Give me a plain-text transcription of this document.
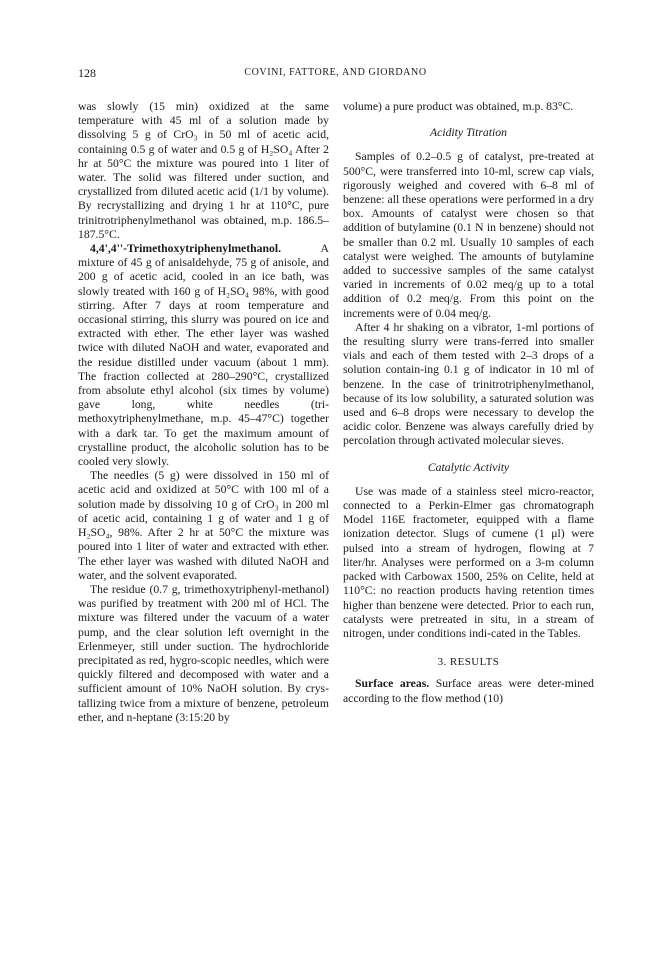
128	COVINI, FATTORE, AND GIORDANO

was slowly (15 min) oxidized at the same temperature with 45 ml of a solution made by dissolving 5 g of CrO₃ in 50 ml of acetic acid, containing 0.5 g of water and 0.5 g of H₂SO₄ After 2 hr at 50°C the mixture was poured into 1 liter of water. The solid was filtered under suction, and crystallized from diluted acetic acid (1/1 by volume). By recrystallizing and drying 1 hr at 110°C, pure trinitrotriphenylmethanol was obtained, m.p. 186.5–187.5°C.

4,4',4''-Trimethoxytriphenylmethanol. A mixture of 45 g of anisaldehyde, 75 g of anisole, and 200 g of acetic acid, cooled in an ice bath, was slowly treated with 160 g of H₂SO₄ 98%, with good stirring. After 7 days at room temperature and occasional stirring, this slurry was poured on ice and extracted with ether. The ether layer was washed twice with diluted NaOH and water, evaporated and the residue distilled under vacuum (about 1 mm). The fraction collected at 280–290°C, crystallized from absolute ethyl alcohol (six times by volume) gave long, white needles (tri-methoxytriphenylmethane, m.p. 45–47°C) together with a dark tar. To get the maximum amount of crystalline product, the alcoholic solution has to be cooled very slowly.

The needles (5 g) were dissolved in 150 ml of acetic acid and oxidized at 50°C with 100 ml of a solution made by dissolving 10 g of CrO₃ in 200 ml of acetic acid, containing 1 g of water and 1 g of H₂SO₄, 98%. After 2 hr at 50°C the mixture was poured into 1 liter of water and extracted with ether. The ether layer was washed with diluted NaOH and water, and the solvent evaporated.

The residue (0.7 g, trimethoxytriphenyl-methanol) was purified by treatment with 200 ml of HCl. The mixture was filtered under the vacuum of a water pump, and the clear solution left overnight in the Erlenmeyer, still under suction. The hydrochloride precipitated as red, hygro-scopic needles, which were quickly filtered and decomposed with water and a sufficient amount of 10% NaOH solution. By crys-tallizing twice from a mixture of benzene, petroleum ether, and n-heptane (3:15:20 by

volume) a pure product was obtained, m.p. 83°C.

Acidity Titration

Samples of 0.2–0.5 g of catalyst, pre-treated at 500°C, were transferred into 10-ml, screw cap vials, rigorously weighed and covered with 6–8 ml of benzene: all these operations were performed in a dry box. Amounts of catalyst were chosen so that addition of butylamine (0.1 N in benzene) should not be smaller than 0.2 ml. Usually 10 samples of each catalyst were weighed. The amounts of butylamine added to successive samples of the same catalyst varied in increments of 0.02 meq/g up to a total addition of 0.2 meq/g. From this point on the increments were of 0.04 meq/g.

After 4 hr shaking on a vibrator, 1-ml portions of the resulting slurry were trans-ferred into smaller vials and each of them tested with 2–3 drops of a solution contain-ing 0.1 g of indicator in 10 ml of benzene. In the case of trinitrotriphenylmethanol, because of its low solubility, a saturated solution was used and 6–8 drops were necessary to develop the acidic color. Benzene was always carefully dried by percolation through activated molecular sieves.

Catalytic Activity

Use was made of a stainless steel micro-reactor, connected to a Perkin-Elmer gas chromatograph Model 116E fractometer, equipped with a flame ionization detector. Slugs of cumene (1 μl) were pulsed into a stream of hydrogen, flowing at 7 liter/hr. Analyses were performed on a 3-m column packed with Carbowax 1500, 25% on Celite, held at 110°C: no reaction products having retention times higher than benzene were detected. Prior to each run, catalysts were pretreated in situ, in a stream of nitrogen, under conditions indi-cated in the Tables.

3. RESULTS

Surface areas. Surface areas were deter-mined according to the flow method (10)
